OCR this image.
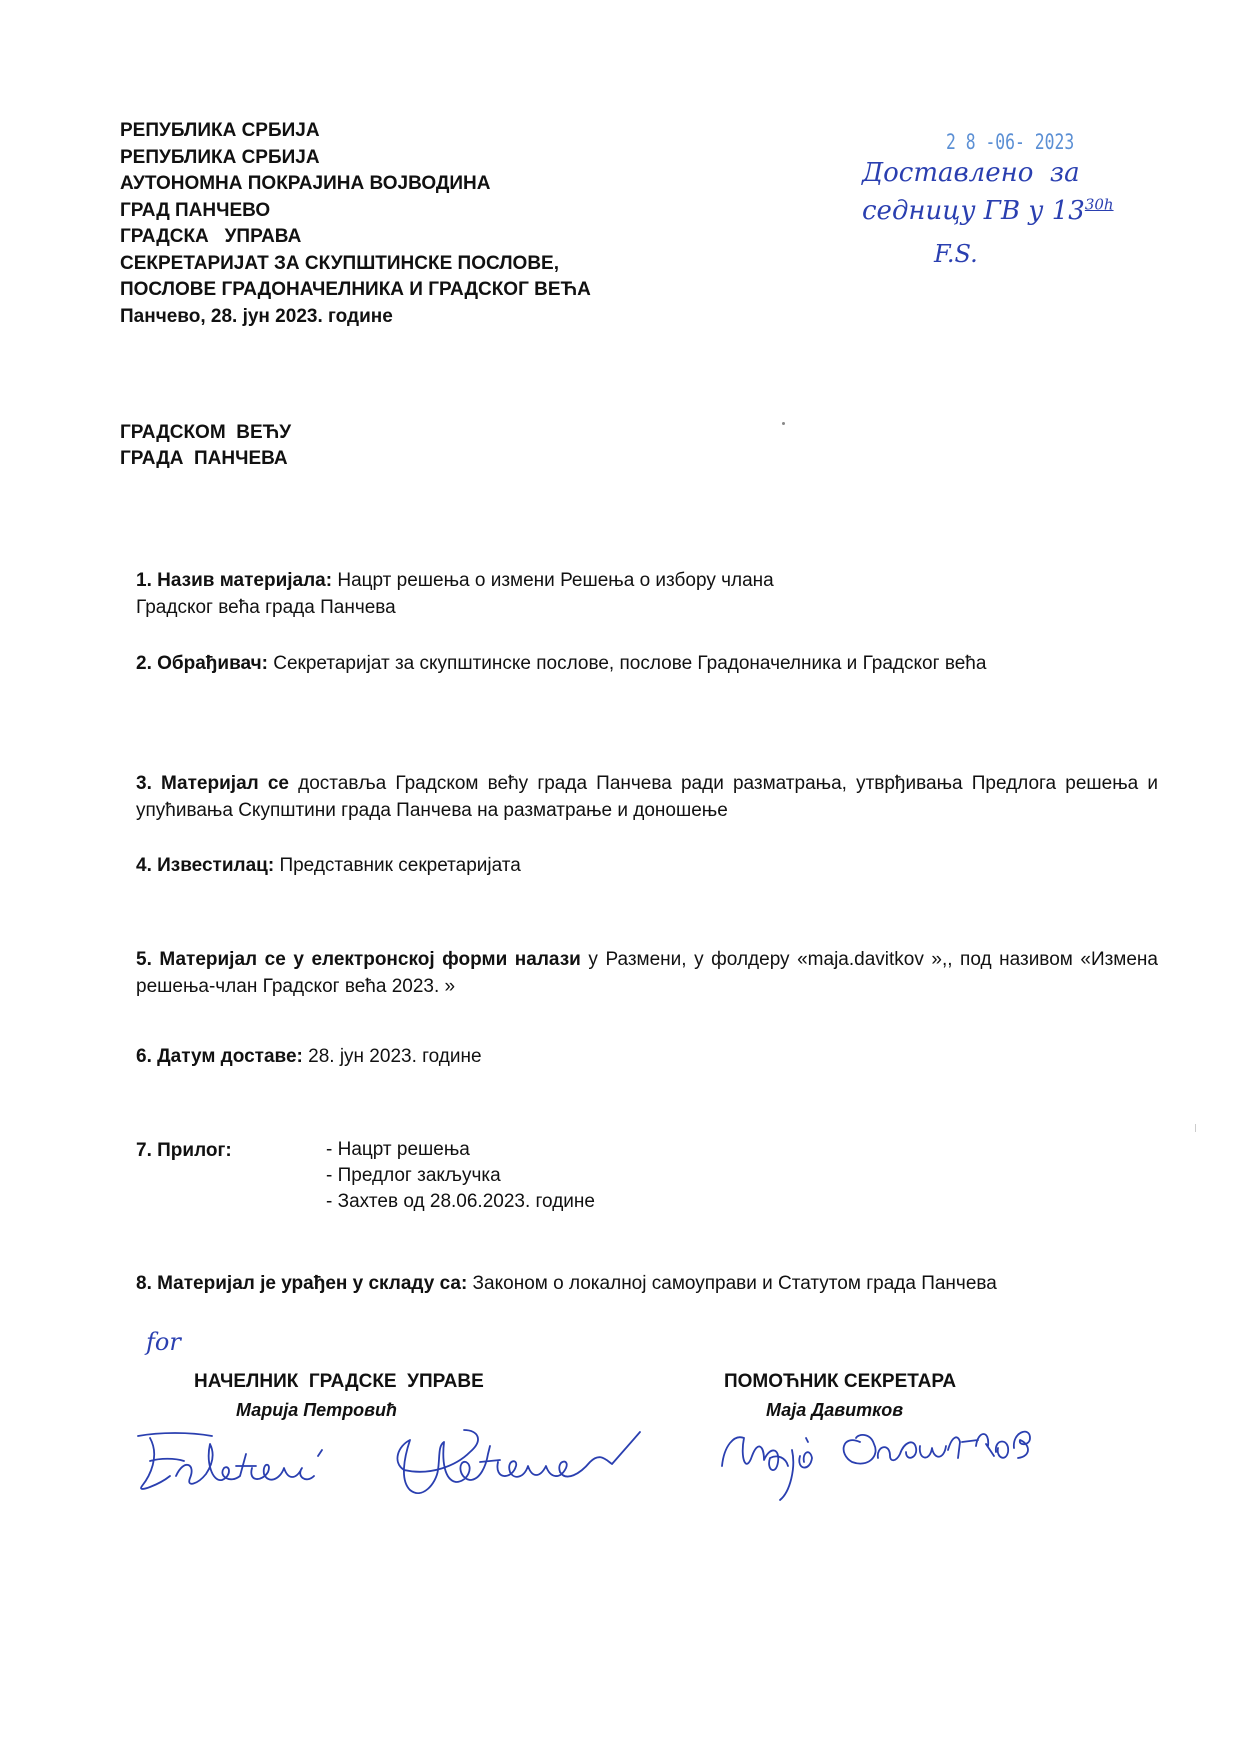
РЕПУБЛИКА СРБИЈА
РЕПУБЛИКА СРБИЈА
АУТОНОМНА ПОКРАЈИНА ВОЈВОДИНА
ГРАД ПАНЧЕВО
ГРАДСКА   УПРАВА
СЕКРЕТАРИЈАТ ЗА СКУПШТИНСКЕ ПОСЛОВЕ,
ПОСЛОВЕ ГРАДОНАЧЕЛНИКА И ГРАДСКОГ ВЕЋА
Панчево, 28. јун 2023. године
2 8 -06- 2023
Доставлено  за
седницу ГВ у $13^{30h}$
F.S.
ГРАДСКОМ  ВЕЋУ
ГРАДА  ПАНЧЕВА
1. Назив материјала: Нацрт решења о измени Решења о избору члана
Градског већа града Панчева
2. Обрађивач: Секретаријат за скупштинске послове, послове Градоначелника и Градског већа
3. Материјал се доставља Градском већу града Панчева ради разматрања, утврђивања Предлога решења и упућивања Скупштини града Панчева на разматрање и доношење
4. Известилац: Представник секретаријата
5. Материјал се у електронској форми налази у Размени, у фолдеру «maja.davitkov »,, под називом «Измена решења-члан Градског већа 2023. »
6. Датум доставе: 28. јун 2023. године
7. Прилог:	- Нацрт решења
- Предлог закључка
- Захтев од 28.06.2023. године
8. Материјал је урађен у складу са: Законом о локалној самоуправи и Статутом града Панчева
for
НАЧЕЛНИК  ГРАДСКЕ  УПРАВЕ
Марија Петровић
ПОМОЋНИК СЕКРЕТАРА
Маја Давитков
